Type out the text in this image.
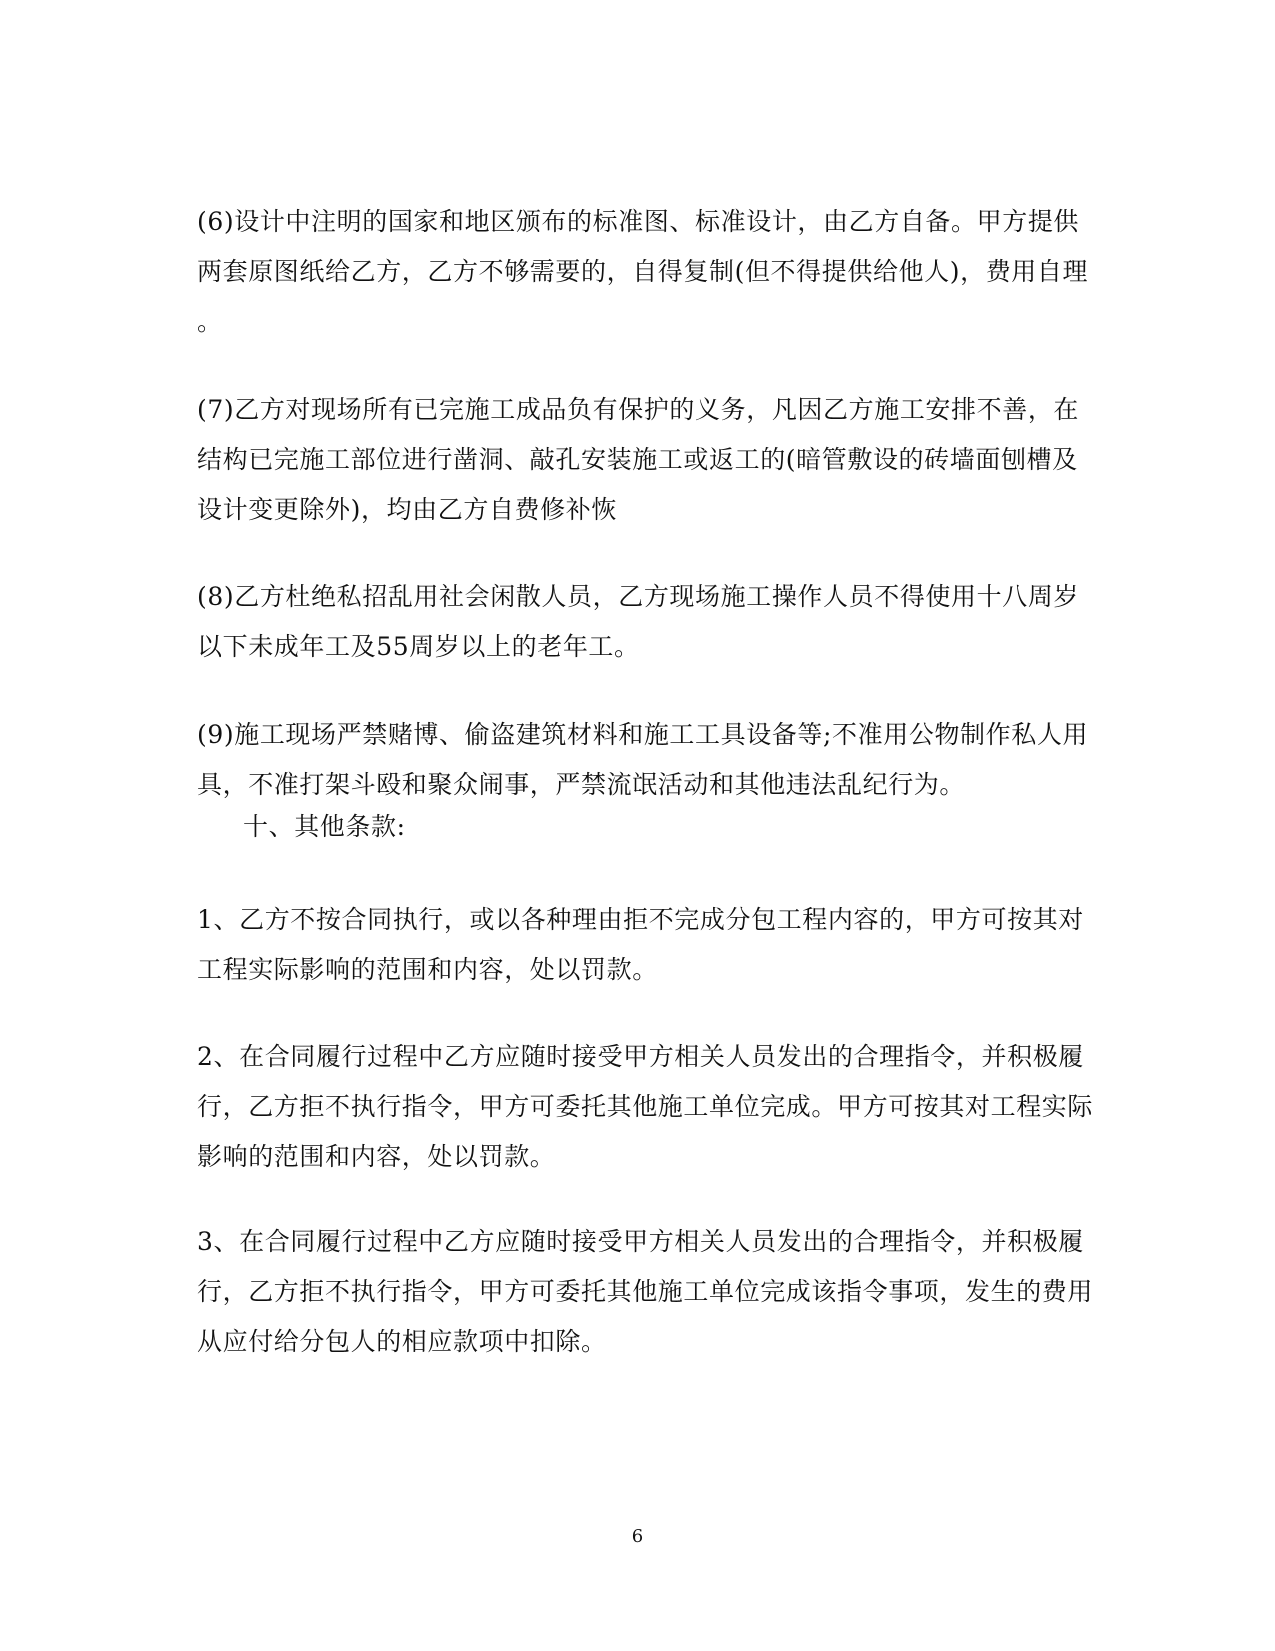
(6)设计中注明的国家和地区颁布的标准图、标准设计，由乙方自备。甲方提供
两套原图纸给乙方，乙方不够需要的，自得复制(但不得提供给他人)，费用自理
。

(7)乙方对现场所有已完施工成品负有保护的义务，凡因乙方施工安排不善，在
结构已完施工部位进行凿洞、敲孔安装施工或返工的(暗管敷设的砖墙面刨槽及
设计变更除外)，均由乙方自费修补恢

(8)乙方杜绝私招乱用社会闲散人员，乙方现场施工操作人员不得使用十八周岁
以下未成年工及55周岁以上的老年工。

(9)施工现场严禁赌博、偷盗建筑材料和施工工具设备等;不准用公物制作私人用
具，不准打架斗殴和聚众闹事，严禁流氓活动和其他违法乱纪行为。

十、其他条款:

1、乙方不按合同执行，或以各种理由拒不完成分包工程内容的，甲方可按其对
工程实际影响的范围和内容，处以罚款。

2、在合同履行过程中乙方应随时接受甲方相关人员发出的合理指令，并积极履
行，乙方拒不执行指令，甲方可委托其他施工单位完成。甲方可按其对工程实际
影响的范围和内容，处以罚款。

3、在合同履行过程中乙方应随时接受甲方相关人员发出的合理指令，并积极履
行，乙方拒不执行指令，甲方可委托其他施工单位完成该指令事项，发生的费用
从应付给分包人的相应款项中扣除。

6
